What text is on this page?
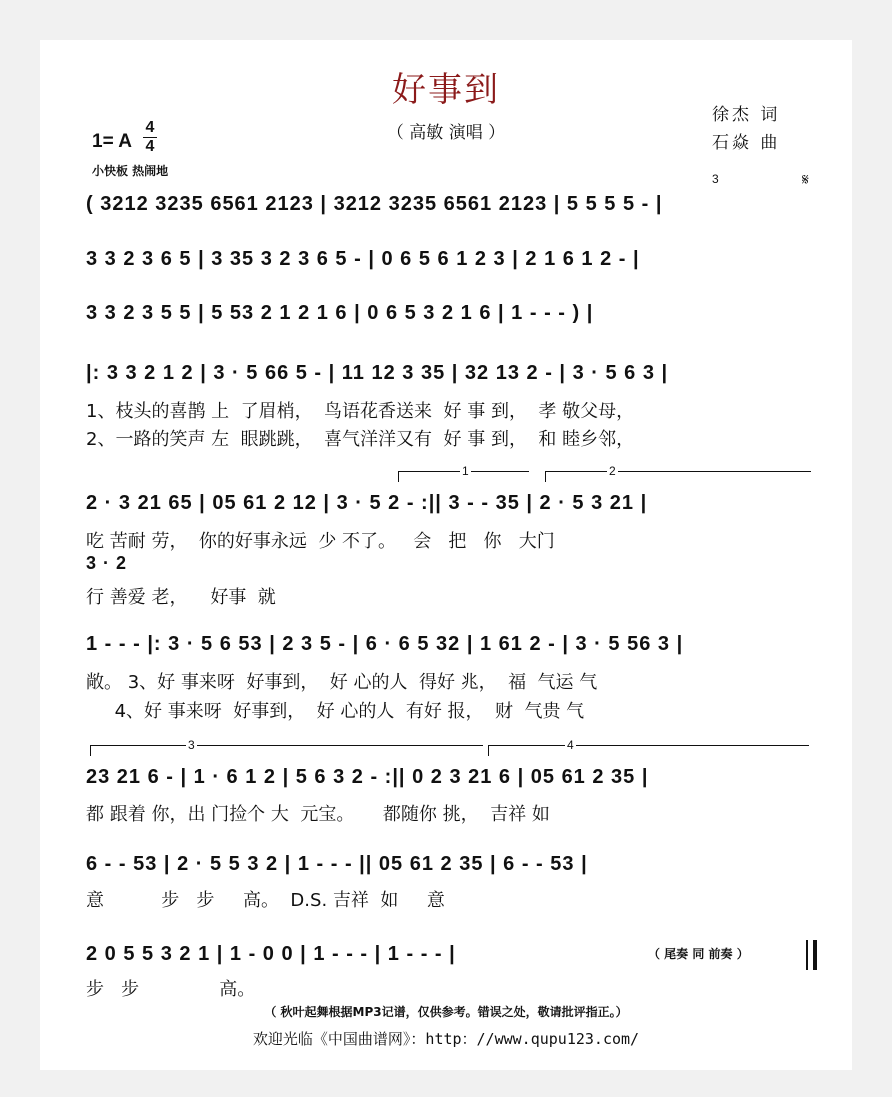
好事到
（ 高敏 演唱 ）
徐杰 词
石焱 曲
1= A
4
4
小快板 热闹地
( 3212 3235 6561 2123 | 3212 3235 6561 2123 | 5 5 5 5 - |
3	𝄋
3 3 2 3 6 5 | 3 35 3 2 3 6 5 - | 0 6 5 6 1 2 3 | 2 1 6 1 2 - |
3 3 2 3 5 5 | 5 53 2 1 2 1 6 | 0 6 5 3 2 1 6 | 1 - - - ) |
|: 3 3 2 1 2 | 3 · 5 66 5 - | 11 12 3 35 | 32 13 2 - | 3 · 5 6 3 |
1、枝头的喜鹊 上  了眉梢，  鸟语花香送来  好 事 到，  孝 敬父母，
2、一路的笑声 左  眼跳跳，  喜气洋洋又有  好 事 到，  和 睦乡邻，
1	2
2 · 3 21 65 | 05 61 2 12 | 3 · 5 2 - :|| 3 - - 35 | 2 · 5 3 21 |
吃 苦耐 劳，  你的好事永远  少 不了。   会   把   你   大门
3 · 2
行 善爱 老，    好事  就
1 - - - |: 3 · 5 6 53 | 2 3 5 - | 6 · 6 5 32 | 1 61 2 - | 3 · 5 56 3 |
敞。 3、好 事来呀  好事到，  好 心的人  得好 兆，  福  气运 气
4、好 事来呀  好事到，  好 心的人  有好 报，  财  气贵 气
3	4
23 21 6 - | 1 · 6 1 2 | 5 6 3 2 - :|| 0 2 3 21 6 | 05 61 2 35 |
都 跟着 你，出 门捡个 大  元宝。     都随你 挑，  吉祥 如
6 - - 53 | 2 · 5 5 3 2 | 1 - - - || 05 61 2 35 | 6 - - 53 |
意          步   步     高。  D.S. 吉祥  如     意
2 0 5 5 3 2 1 | 1 - 0 0 | 1 - - - | 1 - - - |	（ 尾奏 同 前奏 ）
步   步              高。
（ 秋叶起舞根据MP3记谱，仅供参考。错误之处，敬请批评指正。）
欢迎光临《中国曲谱网》：http：//www.qupu123.com/
